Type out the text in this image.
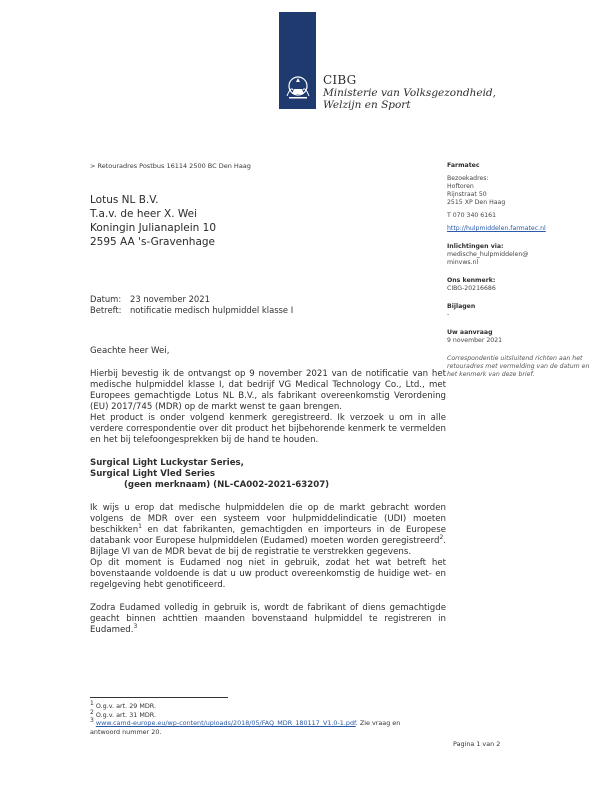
CIBG
Ministerie van Volksgezondheid,
Welzijn en Sport
> Retouradres Postbus 16114 2500 BC Den Haag
Lotus NL B.V.
T.a.v. de heer X. Wei
Koningin Julianaplein 10
2595 AA 's-Gravenhage
Farmatec
Bezoekadres:
Hoftoren
Rijnstraat 50
2515 XP Den Haag
T 070 340 6161
http://hulpmiddelen.farmatec.nl
Inlichtingen via:
medische_hulpmiddelen@
minvws.nl
Ons kenmerk:
CIBG-20216686
Bijlagen
-
Uw aanvraag
9 november 2021
Correspondentie uitsluitend richten aan het retouradres met vermelding van de datum en het kenmerk van deze brief.
Datum: 23 november 2021
Betreft: notificatie medisch hulpmiddel klasse I

Geachte heer Wei,

Hierbij bevestig ik de ontvangst op 9 november 2021 van de notificatie van het medische hulpmiddel klasse I, dat bedrijf VG Medical Technology Co., Ltd., met Europees gemachtigde Lotus NL B.V., als fabrikant overeenkomstig Verordening (EU) 2017/745 (MDR) op de markt wenst te gaan brengen.

Het product is onder volgend kenmerk geregistreerd. Ik verzoek u om in alle verdere correspondentie over dit product het bijbehorende kenmerk te vermelden en het bij telefoongesprekken bij de hand te houden.

Surgical Light Luckystar Series,
Surgical Light Vled Series
(geen merknaam) (NL-CA002-2021-63207)

Ik wijs u erop dat medische hulpmiddelen die op de markt gebracht worden volgens de MDR over een systeem voor hulpmiddelindicatie (UDI) moeten beschikken$^1$ en dat fabrikanten, gemachtigden en importeurs in de Europese databank voor Europese hulpmiddelen (Eudamed) moeten worden geregistreerd$^2$. Bijlage VI van de MDR bevat de bij de registratie te verstrekken gegevens.

Op dit moment is Eudamed nog niet in gebruik, zodat het wat betreft het bovenstaande voldoende is dat u uw product overeenkomstig de huidige wet- en regelgeving hebt genotificeerd.

Zodra Eudamed volledig in gebruik is, wordt de fabrikant of diens gemachtigde geacht binnen achttien maanden bovenstaand hulpmiddel te registreren in Eudamed.$^3$

$^1$ O.g.v. art. 29 MDR.
$^2$ O.g.v. art. 31 MDR.
$^3$ www.camd-europe.eu/wp-content/uploads/2018/05/FAQ_MDR_180117_V1.0-1.pdf. Zie vraag en antwoord nummer 20.
Pagina 1 van 2
